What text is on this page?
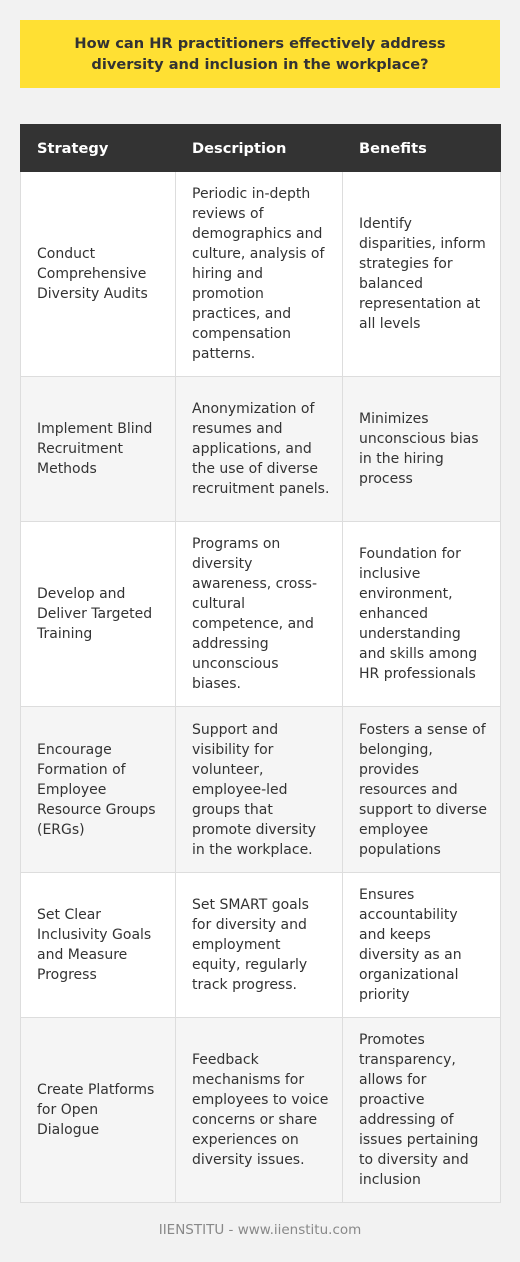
How can HR practitioners effectively address diversity and inclusion in the workplace?

Strategy	Description	Benefits
Conduct Comprehensive Diversity Audits	Periodic in-depth reviews of demographics and culture, analysis of hiring and promotion practices, and compensation patterns.	Identify disparities, inform strategies for balanced representation at all levels
Implement Blind Recruitment Methods	Anonymization of resumes and applications, and the use of diverse recruitment panels.	Minimizes unconscious bias in the hiring process
Develop and Deliver Targeted Training	Programs on diversity awareness, cross-cultural competence, and addressing unconscious biases.	Foundation for inclusive environment, enhanced understanding and skills among HR professionals
Encourage Formation of Employee Resource Groups (ERGs)	Support and visibility for volunteer, employee-led groups that promote diversity in the workplace.	Fosters a sense of belonging, provides resources and support to diverse employee populations
Set Clear Inclusivity Goals and Measure Progress	Set SMART goals for diversity and employment equity, regularly track progress.	Ensures accountability and keeps diversity as an organizational priority
Create Platforms for Open Dialogue	Feedback mechanisms for employees to voice concerns or share experiences on diversity issues.	Promotes transparency, allows for proactive addressing of issues pertaining to diversity and inclusion
IIENSTITU - www.iienstitu.com
